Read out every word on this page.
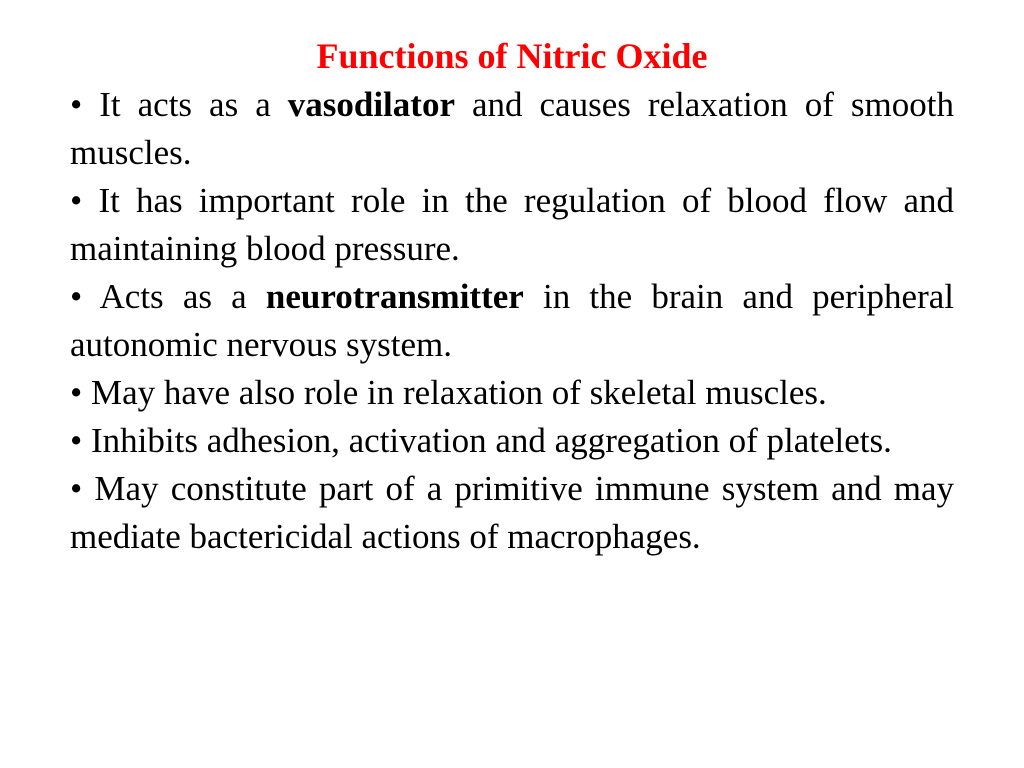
Functions of Nitric Oxide
• It acts as a vasodilator and causes relaxation of smooth muscles.
• It has important role in the regulation of blood flow and maintaining blood pressure.
• Acts as a neurotransmitter in the brain and peripheral autonomic nervous system.
• May have also role in relaxation of skeletal muscles.
• Inhibits adhesion, activation and aggregation of platelets.
• May constitute part of a primitive immune system and may mediate bactericidal actions of macrophages.
